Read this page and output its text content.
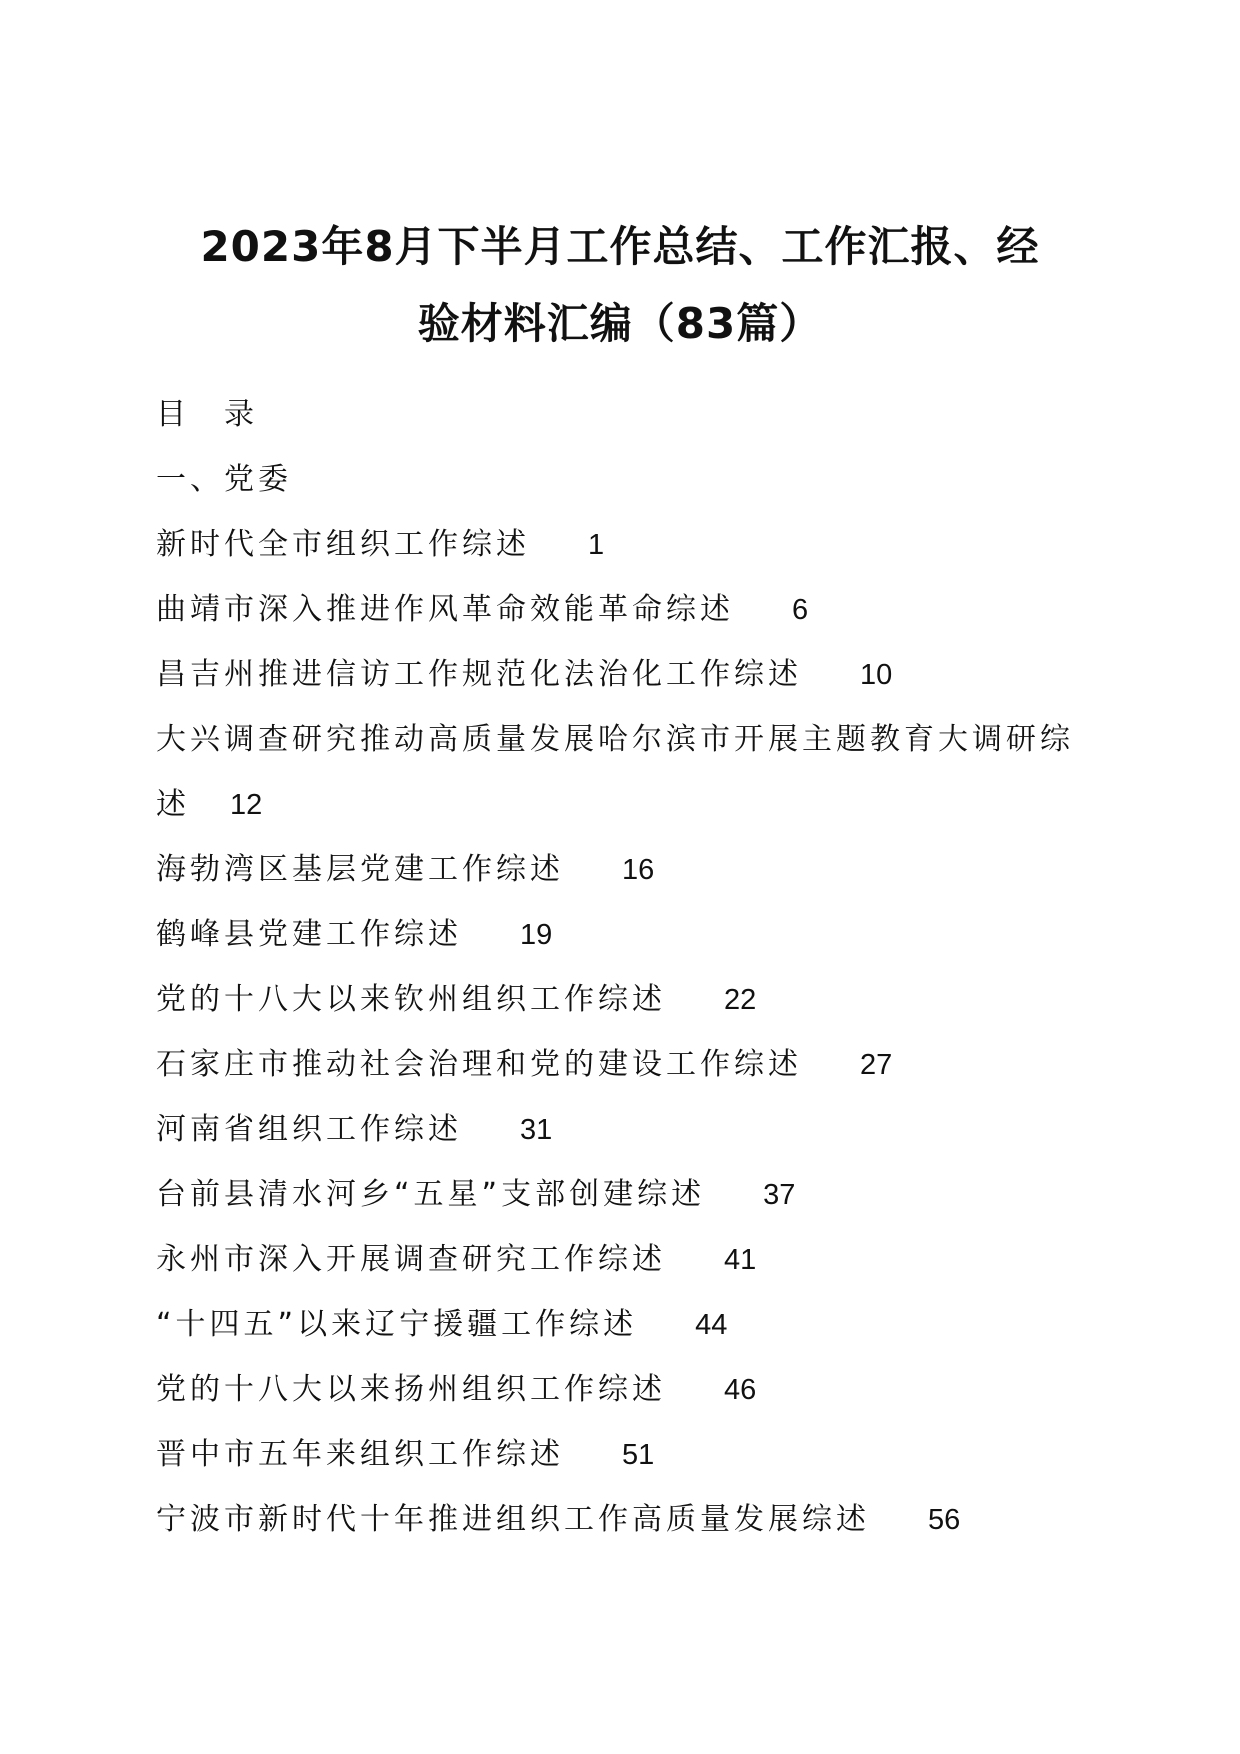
2023年8月下半月工作总结、工作汇报、经
验材料汇编（83篇）
目　录
一、党委
新时代全市组织工作综述 1
曲靖市深入推进作风革命效能革命综述 6
昌吉州推进信访工作规范化法治化工作综述 10
大兴调查研究推动高质量发展哈尔滨市开展主题教育大调研综
述 12
海勃湾区基层党建工作综述 16
鹤峰县党建工作综述 19
党的十八大以来钦州组织工作综述 22
石家庄市推动社会治理和党的建设工作综述 27
河南省组织工作综述 31
台前县清水河乡“五星”支部创建综述 37
永州市深入开展调查研究工作综述 41
“十四五”以来辽宁援疆工作综述 44
党的十八大以来扬州组织工作综述 46
晋中市五年来组织工作综述 51
宁波市新时代十年推进组织工作高质量发展综述 56
